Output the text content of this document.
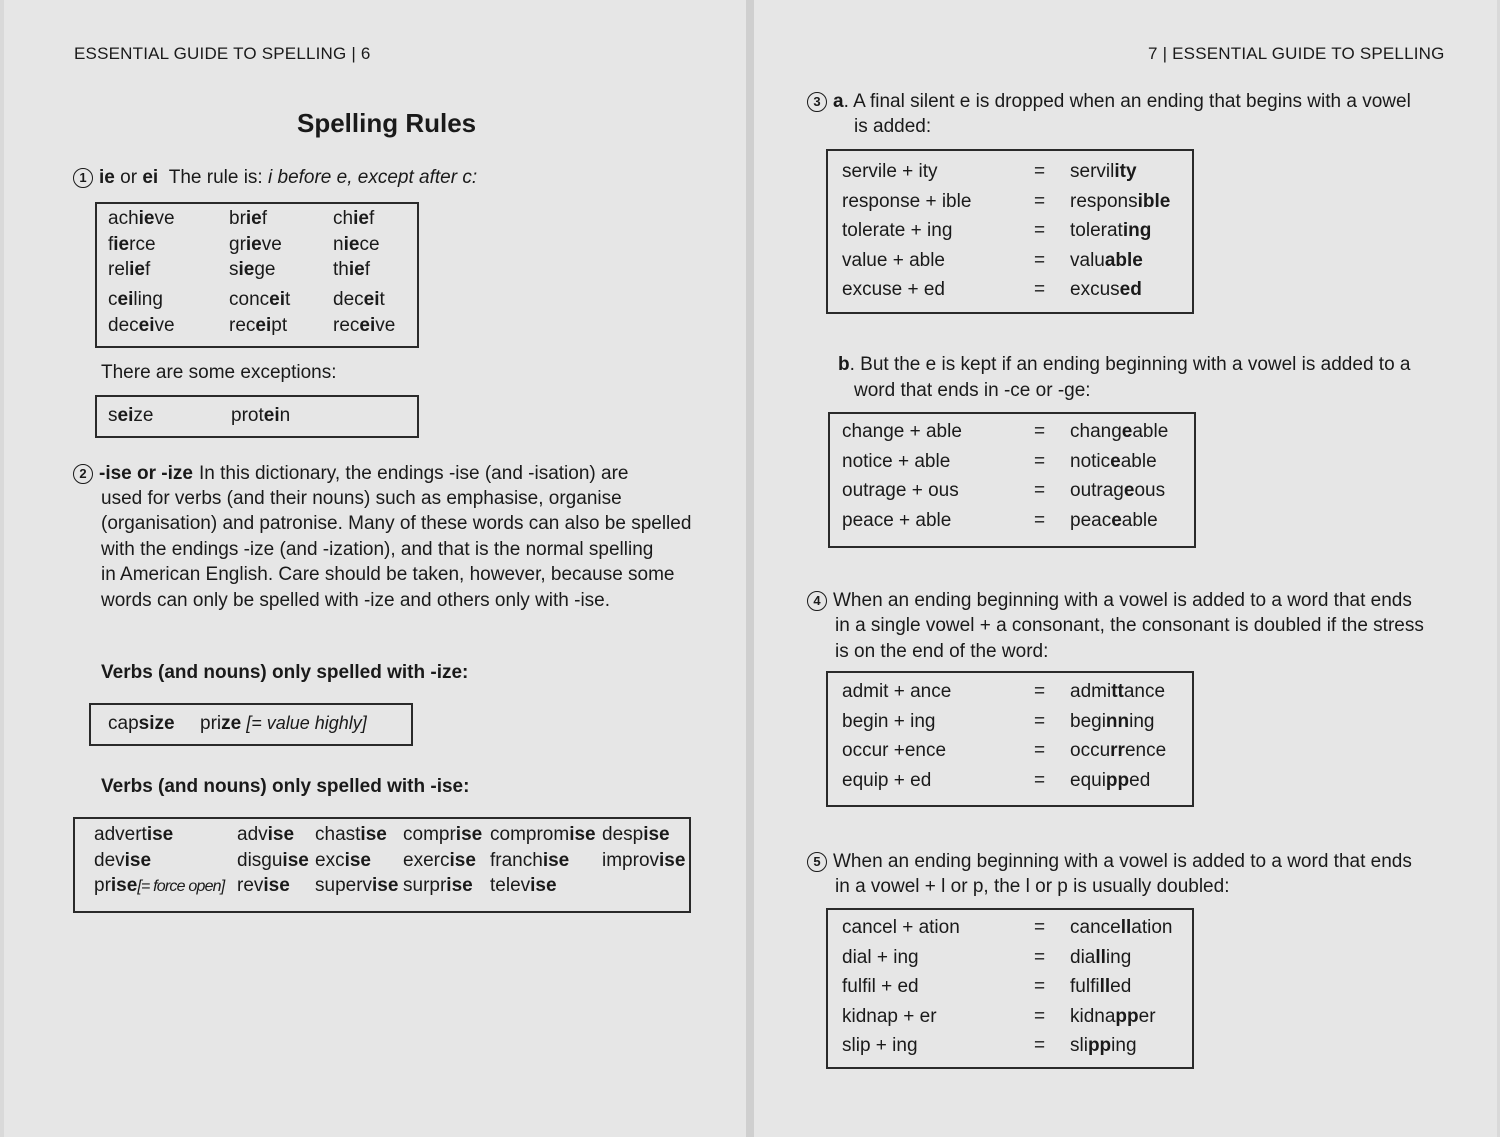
ESSENTIAL GUIDE TO SPELLING | 6
Spelling Rules
1 ie or ei The rule is: i before e, except after c:
achieve	brief	chief
fierce	grieve	niece
relief	siege	thief
ceiling	conceit deceit
deceive	receipt receive
There are some exceptions:
seize	protein
2 -ise or -ize In this dictionary, the endings -ise (and -isation) are
used for verbs (and their nouns) such as emphasise, organise
(organisation) and patronise. Many of these words can also be spelled
with the endings -ize (and -ization), and that is the normal spelling
in American English. Care should be taken, however, because some
words can only be spelled with -ize and others only with -ise.
Verbs (and nouns) only spelled with -ize:
capsize prize [= value highly]
Verbs (and nouns) only spelled with -ise:
advertise	advise chastise comprise compromise despise
devise	disguise excise exercise franchise improvise
prise[= force open] revise supervise surprise televise
7 | ESSENTIAL GUIDE TO SPELLING
3 a. A final silent e is dropped when an ending that begins with a vowel
is added:
servile + ity	= servility
response + ible	= responsible
tolerate + ing	= tolerating
value + able	= valuable
excuse + ed	= excused
b. But the e is kept if an ending beginning with a vowel is added to a
word that ends in -ce or -ge:
change + able	= changeable
notice + able	= noticeable
outrage + ous	= outrageous
peace + able	= peaceable
4 When an ending beginning with a vowel is added to a word that ends
in a single vowel + a consonant, the consonant is doubled if the stress
is on the end of the word:
admit + ance	= admittance
begin + ing	= beginning
occur +ence	= occurrence
equip + ed	= equipped
5 When an ending beginning with a vowel is added to a word that ends
in a vowel + l or p, the l or p is usually doubled:
cancel + ation	= cancellation
dial + ing	= dialling
fulfil + ed	= fulfilled
kidnap + er	= kidnapper
slip + ing	= slipping
